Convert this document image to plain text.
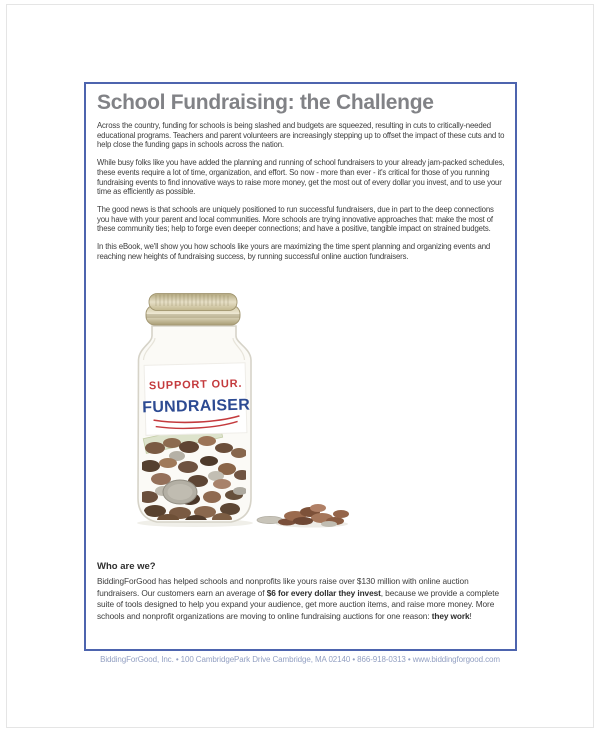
School Fundraising: the Challenge

Across the country, funding for schools is being slashed and budgets are squeezed, resulting in cuts to critically-needed educational programs. Teachers and parent volunteers are increasingly stepping up to offset the impact of these cuts and to help close the funding gaps in schools across the nation.

While busy folks like you have added the planning and running of school fundraisers to your already jam-packed schedules, these events require a lot of time, organization, and effort. So now - more than ever - it's critical for those of you running fundraising events to find innovative ways to raise more money, get the most out of every dollar you invest, and to use your time as efficiently as possible.

The good news is that schools are uniquely positioned to run successful fundraisers, due in part to the deep connections you have with your parent and local communities. More schools are trying innovative approaches that: make the most of these community ties; help to forge even deeper connections; and have a positive, tangible impact on strained budgets.

In this eBook, we'll show you how schools like yours are maximizing the time spent planning and organizing events and reaching new heights of fundraising success, by running successful online auction fundraisers.

SUPPORT OUR.
FUNDRAISER
Who are we?

BiddingForGood has helped schools and nonprofits like yours raise over $130 million with online auction fundraisers. Our customers earn an average of $6 for every dollar they invest, because we provide a complete suite of tools designed to help you expand your audience, get more auction items, and raise more money. More schools and nonprofit organizations are moving to online fundraising auctions for one reason: they work!

BiddingForGood, Inc. • 100 CambridgePark Drive Cambridge, MA 02140 • 866-918-0313 • www.biddingforgood.com
